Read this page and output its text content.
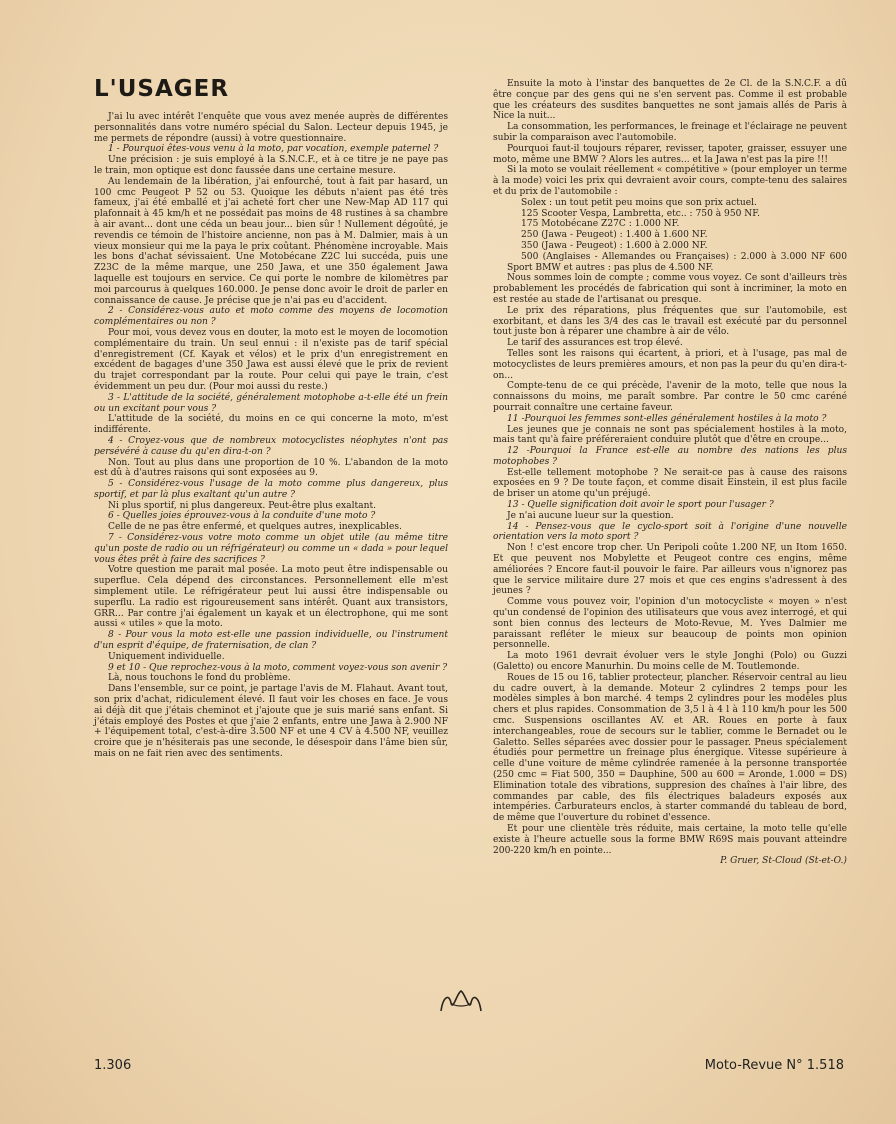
L'USAGER

J'ai lu avec intérêt l'enquête que vous avez menée auprès de différentes personnalités dans votre numéro spécial du Salon. Lecteur depuis 1945, je me permets de répondre (aussi) à votre questionnaire.

1 - Pourquoi êtes-vous venu à la moto, par vocation, exemple paternel ?

Une précision : je suis employé à la S.N.C.F., et à ce titre je ne paye pas le train, mon optique est donc faussée dans une certaine mesure.

Au lendemain de la libération, j'ai enfourché, tout à fait par hasard, un 100 cmc Peugeot P 52 ou 53. Quoique les débuts n'aient pas été très fameux, j'ai été emballé et j'ai acheté fort cher une New-Map AD 117 qui plafonnait à 45 km/h et ne possédait pas moins de 48 rustines à sa chambre à air avant... dont une céda un beau jour... bien sûr ! Nullement dégoûté, je revendis ce témoin de l'histoire ancienne, non pas à M. Dalmier, mais à un vieux monsieur qui me la paya le prix coûtant. Phénomène incroyable. Mais les bons d'achat sévissaient. Une Motobécane Z2C lui succéda, puis une Z23C de la même marque, une 250 Jawa, et une 350 également Jawa laquelle est toujours en service. Ce qui porte le nombre de kilomètres par moi parcourus à quelques 160.000. Je pense donc avoir le droit de parler en connaissance de cause. Je précise que je n'ai pas eu d'accident.

2 - Considérez-vous auto et moto comme des moyens de locomotion complémentaires ou non ?

Pour moi, vous devez vous en douter, la moto est le moyen de locomotion complémentaire du train. Un seul ennui : il n'existe pas de tarif spécial d'enregistrement (Cf. Kayak et vélos) et le prix d'un enregistrement en excédent de bagages d'une 350 Jawa est aussi élevé que le prix de revient du trajet correspondant par la route. Pour celui qui paye le train, c'est évidemment un peu dur. (Pour moi aussi du reste.)

3 - L'attitude de la société, généralement motophobe a-t-elle été un frein ou un excitant pour vous ?

L'attitude de la société, du moins en ce qui concerne la moto, m'est indifférente.

4 - Croyez-vous que de nombreux motocyclistes néophytes n'ont pas persévéré à cause du qu'en dira-t-on ?

Non. Tout au plus dans une proportion de 10 %. L'abandon de la moto est dû à d'autres raisons qui sont exposées au 9.

5 - Considérez-vous l'usage de la moto comme plus dangereux, plus sportif, et par là plus exaltant qu'un autre ?

Ni plus sportif, ni plus dangereux. Peut-être plus exaltant.

6 - Quelles joies éprouvez-vous à la conduite d'une moto ?

Celle de ne pas être enfermé, et quelques autres, inexplicables.

7 - Considérez-vous votre moto comme un objet utile (au même titre qu'un poste de radio ou un réfrigérateur) ou comme un « dada » pour lequel vous êtes prêt à faire des sacrifices ?

Votre question me parait mal posée. La moto peut être indispensable ou superflue. Cela dépend des circonstances. Personnellement elle m'est simplement utile. Le réfrigérateur peut lui aussi être indispensable ou superflu. La radio est rigoureusement sans intérêt. Quant aux transistors, GRR... Par contre j'ai également un kayak et un électrophone, qui me sont aussi « utiles » que la moto.

8 - Pour vous la moto est-elle une passion individuelle, ou l'instrument d'un esprit d'équipe, de fraternisation, de clan ?

Uniquement individuelle.

9 et 10 - Que reprochez-vous à la moto, comment voyez-vous son avenir ?

Là, nous touchons le fond du problème.

Dans l'ensemble, sur ce point, je partage l'avis de M. Flahaut. Avant tout, son prix d'achat, ridiculement élevé. Il faut voir les choses en face. Je vous ai déjà dit que j'étais cheminot et j'ajoute que je suis marié sans enfant. Si j'étais employé des Postes et que j'aie 2 enfants, entre une Jawa à 2.900 NF + l'équipement total, c'est-à-dire 3.500 NF et une 4 CV à 4.500 NF, veuillez croire que je n'hésiterais pas une seconde, le désespoir dans l'âme bien sûr, mais on ne fait rien avec des sentiments.

Ensuite la moto à l'instar des banquettes de 2e Cl. de la S.N.C.F. a dû être conçue par des gens qui ne s'en servent pas. Comme il est probable que les créateurs des susdites banquettes ne sont jamais allés de Paris à Nice la nuit...

La consommation, les performances, le freinage et l'éclairage ne peuvent subir la comparaison avec l'automobile.

Pourquoi faut-il toujours réparer, revisser, tapoter, graisser, essuyer une moto, même une BMW ? Alors les autres... et la Jawa n'est pas la pire !!!

Si la moto se voulait réellement « compétitive » (pour employer un terme à la mode) voici les prix qui devraient avoir cours, compte-tenu des salaires et du prix de l'automobile :

Solex : un tout petit peu moins que son prix actuel.

125 Scooter Vespa, Lambretta, etc.. : 750 à 950 NF.

175 Motobécane Z27C : 1.000 NF.

250 (Jawa - Peugeot) : 1.400 à 1.600 NF.

350 (Jawa - Peugeot) : 1.600 à 2.000 NF.

500 (Anglaises - Allemandes ou Françaises) : 2.000 à 3.000 NF 600 Sport BMW et autres : pas plus de 4.500 NF.

Nous sommes loin de compte ; comme vous voyez. Ce sont d'ailleurs très probablement les procédés de fabrication qui sont à incriminer, la moto en est restée au stade de l'artisanat ou presque.

Le prix des réparations, plus fréquentes que sur l'automobile, est exorbitant, et dans les 3/4 des cas le travail est exécuté par du personnel tout juste bon à réparer une chambre à air de vélo.

Le tarif des assurances est trop élevé.

Telles sont les raisons qui écartent, à priori, et à l'usage, pas mal de motocyclistes de leurs premières amours, et non pas la peur du qu'en dira-t-on...

Compte-tenu de ce qui précède, l'avenir de la moto, telle que nous la connaissons du moins, me paraît sombre. Par contre le 50 cmc caréné pourrait connaître une certaine faveur.

11 -Pourquoi les femmes sont-elles généralement hostiles à la moto ?

Les jeunes que je connais ne sont pas spécialement hostiles à la moto, mais tant qu'à faire préféreraient conduire plutôt que d'être en croupe...

12 -Pourquoi la France est-elle au nombre des nations les plus motophobes ?

Est-elle tellement motophobe ? Ne serait-ce pas à cause des raisons exposées en 9 ? De toute façon, et comme disait Einstein, il est plus facile de briser un atome qu'un préjugé.

13 - Quelle signification doit avoir le sport pour l'usager ?

Je n'ai aucune lueur sur la question.

14 - Pensez-vous que le cyclo-sport soit à l'origine d'une nouvelle orientation vers la moto sport ?

Non ! c'est encore trop cher. Un Peripoli coûte 1.200 NF, un Itom 1650. Et que peuvent nos Mobylette et Peugeot contre ces engins, même améliorées ? Encore faut-il pouvoir le faire. Par ailleurs vous n'ignorez pas que le service militaire dure 27 mois et que ces engins s'adressent à des jeunes ?

Comme vous pouvez voir, l'opinion d'un motocycliste « moyen » n'est qu'un condensé de l'opinion des utilisateurs que vous avez interrogé, et qui sont bien connus des lecteurs de Moto-Revue, M. Yves Dalmier me paraissant refléter le mieux sur beaucoup de points mon opinion personnelle.

La moto 1961 devrait évoluer vers le style Jonghi (Polo) ou Guzzi (Galetto) ou encore Manurhin. Du moins celle de M. Toutlemonde.

Roues de 15 ou 16, tablier protecteur, plancher. Réservoir central au lieu du cadre ouvert, à la demande. Moteur 2 cylindres 2 temps pour les modèles simples à bon marché. 4 temps 2 cylindres pour les modèles plus chers et plus rapides. Consommation de 3,5 l à 4 l à 110 km/h pour les 500 cmc. Suspensions oscillantes AV. et AR. Roues en porte à faux interchangeables, roue de secours sur le tablier, comme le Bernadet ou le Galetto. Selles séparées avec dossier pour le passager. Pneus spécialement étudiés pour permettre un freinage plus énergique. Vitesse supérieure à celle d'une voiture de même cylindrée ramenée à la personne transportée (250 cmc = Fiat 500, 350 = Dauphine, 500 au 600 = Aronde, 1.000 = DS) Elimination totale des vibrations, suppresion des chaînes à l'air libre, des commandes par cable, des fils électriques baladeurs exposés aux intempéries. Carburateurs enclos, à starter commandé du tableau de bord, de même que l'ouverture du robinet d'essence.

Et pour une clientèle très réduite, mais certaine, la moto telle qu'elle existe à l'heure actuelle sous la forme BMW R69S mais pouvant atteindre 200-220 km/h en pointe...

P. Gruer, St-Cloud (St-et-O.)

1.306	Moto-Revue N° 1.518
